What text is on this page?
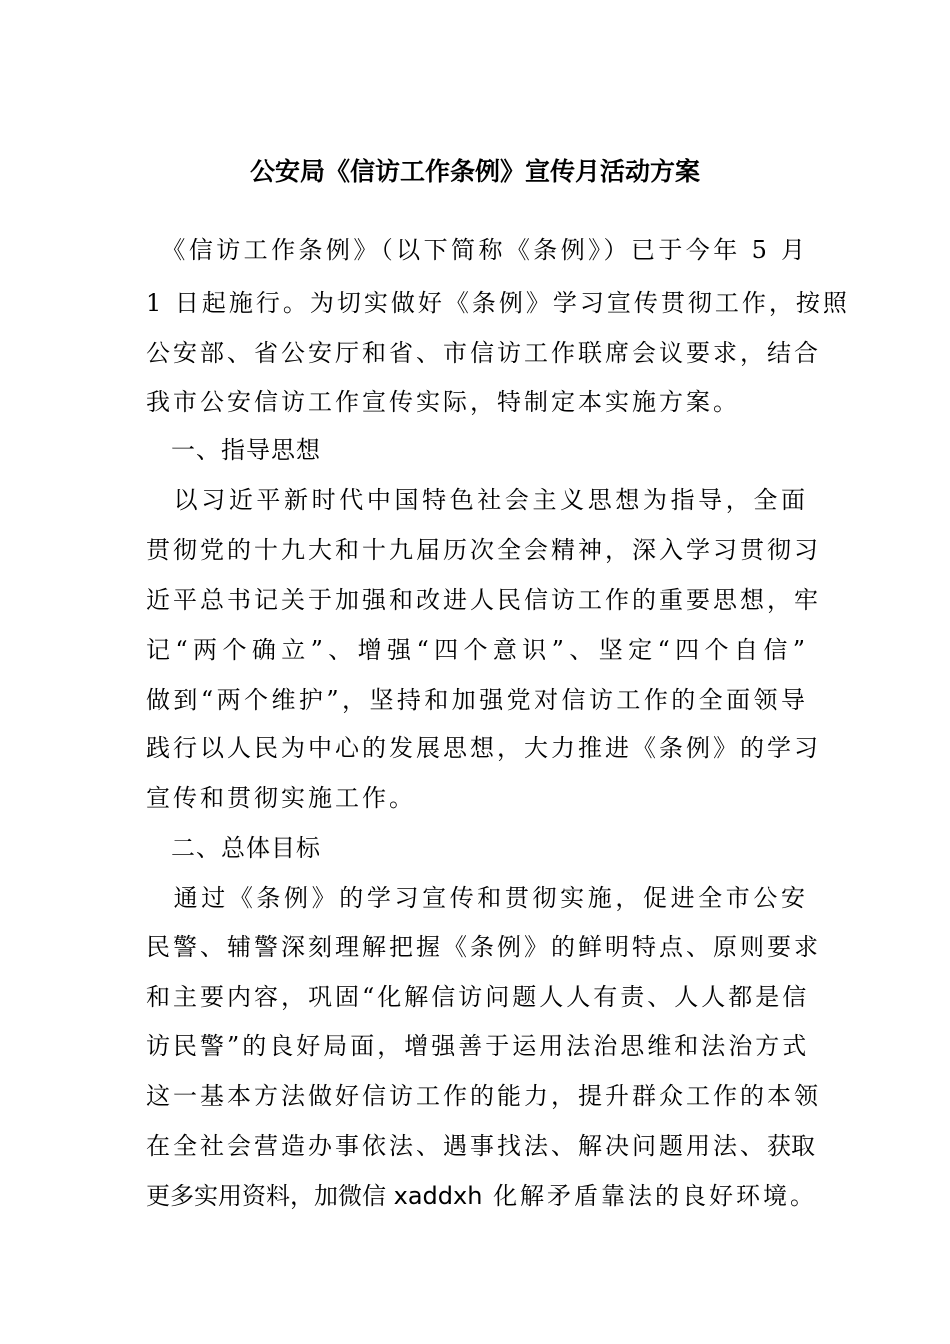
公安局《信访工作条例》宣传月活动方案
　《信访工作条例》（以下简称《条例》）已于今年 5 月
1 日起施行。为切实做好《条例》学习宣传贯彻工作，按照
公安部、省公安厅和省、市信访工作联席会议要求，结合
我市公安信访工作宣传实际，特制定本实施方案。
　一、指导思想
　以习近平新时代中国特色社会主义思想为指导，全面
贯彻党的十九大和十九届历次全会精神，深入学习贯彻习
近平总书记关于加强和改进人民信访工作的重要思想，牢
记“两个确立”、增强“四个意识”、坚定“四个自信”
做到“两个维护”，坚持和加强党对信访工作的全面领导
践行以人民为中心的发展思想，大力推进《条例》的学习
宣传和贯彻实施工作。
　二、总体目标
　通过《条例》的学习宣传和贯彻实施，促进全市公安
民警、辅警深刻理解把握《条例》的鲜明特点、原则要求
和主要内容，巩固“化解信访问题人人有责、人人都是信
访民警”的良好局面，增强善于运用法治思维和法治方式
这一基本方法做好信访工作的能力，提升群众工作的本领
在全社会营造办事依法、遇事找法、解决问题用法、获取
更多实用资料，加微信 xaddxh 化解矛盾靠法的良好环境。
